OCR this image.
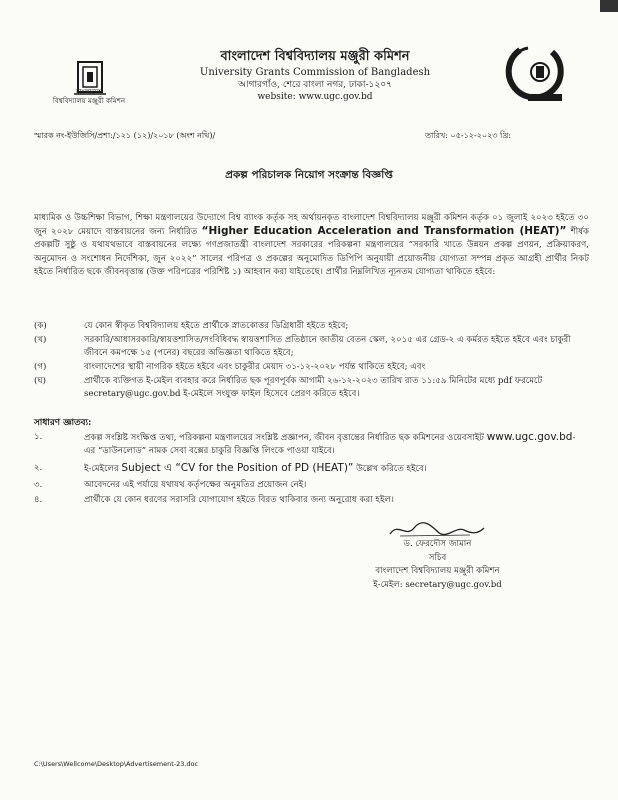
বাংলাদেশ
বিশ্ববিদ্যালয় মঞ্জুরী কমিশন
বাংলাদেশ বিশ্ববিদ্যালয় মঞ্জুরী কমিশন
University Grants Commission of Bangladesh
আগারগাঁও, শেরে বাংলা নগর, ঢাকা-১২০৭
website: www.ugc.gov.bd
স্মারক নং-ইউজিসি/প্রশা:/১২১ (১২)/২০১৮ (অংশ নথি)/	তারিখ: ০৫-১২-২০২৩ খ্রি:
প্রকল্প পরিচালক নিয়োগ সংক্রান্ত বিজ্ঞপ্তি
মাধ্যমিক ও উচ্চশিক্ষা বিভাগ, শিক্ষা মন্ত্রণালয়ের উদ্যোগে বিশ্ব ব্যাংক কর্তৃক সহ অর্থায়নকৃত বাংলাদেশ বিশ্ববিদ্যালয় মঞ্জুরী কমিশন কর্তৃক ০১ জুলাই ২০২৩ হইতে ৩০ জুন ২০২৮ মেয়াদে বাস্তবায়নের জন্য নির্ধারিত “Higher Education Acceleration and Transformation (HEAT)” শীর্ষক প্রকল্পটি সুষ্ঠু ও যথাযথভাবে বাস্তবায়নের লক্ষ্যে গণপ্রজাতন্ত্রী বাংলাদেশ সরকারের পরিকল্পনা মন্ত্রণালয়ের “সরকারি খাতে উন্নয়ন প্রকল্প প্রণয়ন, প্রক্রিয়াকরণ, অনুমোদন ও সংশোধন নির্দেশিকা, জুন ২০২২” সালের পরিপত্র ও প্রকল্পের অনুমোদিত ডিপিপি অনুযায়ী প্রয়োজনীয় যোগ্যতা সম্পন্ন প্রকৃত আগ্রহী প্রার্থীর নিকট হইতে নির্ধারিত ছকে জীবনবৃত্তান্ত (উক্ত পরিপত্রের পরিশিষ্ট ১) আহবান করা যাইতেছে। প্রার্থীর নিম্নলিখিত ন্যূনতম যোগ্যতা থাকিতে হইবে:
(ক)	যে কোন স্বীকৃত বিশ্ববিদ্যালয় হইতে প্রার্থীকে স্নাতকোত্তর ডিগ্রিধারী হইতে হইবে;
(খ)	সরকারি/আধাসরকারি/স্বায়ত্তশাসিত/সংবিধিবদ্ধ স্বায়ত্তশাসিত প্রতিষ্ঠানে জাতীয় বেতন স্কেল, ২০১৫ এর গ্রেড-২ এ কর্মরত হইতে হইবে এবং চাকুরী জীবনে কমপক্ষে ১৫ (পনের) বছরের অভিজ্ঞতা থাকিতে হইবে;
(গ)	বাংলাদেশের স্থায়ী নাগরিক হইতে হইবে এবং চাকুরীর মেয়াদ ৩১-১২-২০২৮ পর্যন্ত থাকিতে হইবে; এবং
(ঘ)	প্রার্থীকে ব্যক্তিগত ই-মেইল ব্যবহার করে নির্ধারিত ছক পূরণপূর্বক আগামী ২৬-১২-২০২৩ তারিখ রাত ১১:৫৯ মিনিটের মধ্যে pdf ফরমেটে secretary@ugc.gov.bd ই-মেইলে সংযুক্ত ফাইল হিসেবে প্রেরণ করিতে হইবে।
সাধারণ জ্ঞাতব্য:
১.	প্রকল্প সংশ্লিষ্ট সংক্ষিপ্ত তথ্য, পরিকল্পনা মন্ত্রণালয়ের সংশ্লিষ্ট প্রজ্ঞাপন, জীবন বৃত্তান্তের নির্ধারিত ছক কমিশনের ওয়েবসাইট www.ugc.gov.bd- এর “ডাউনলোড” নামক সেবা বক্সের চাকুরি বিজ্ঞপ্তি লিংকে পাওয়া যাইবে।
২.	ই-মেইলের Subject এ “CV for the Position of PD (HEAT)” উল্লেখ করিতে হইবে।
৩.	আবেদনের এই পর্যায়ে যথাযথ কর্তৃপক্ষের অনুমতির প্রয়োজন নেই।
৪.	প্রার্থীকে যে কোন ধরণের সরাসরি যোগাযোগ হইতে বিরত থাকিবার জন্য অনুরোধ করা হইল।
ড. ফেরদৌস জামান
সচিব
বাংলাদেশ বিশ্ববিদ্যালয় মঞ্জুরী কমিশন
ই-মেইল: secretary@ugc.gov.bd
C:\Users\Wellcome\Desktop\Advertisement-23.doc
